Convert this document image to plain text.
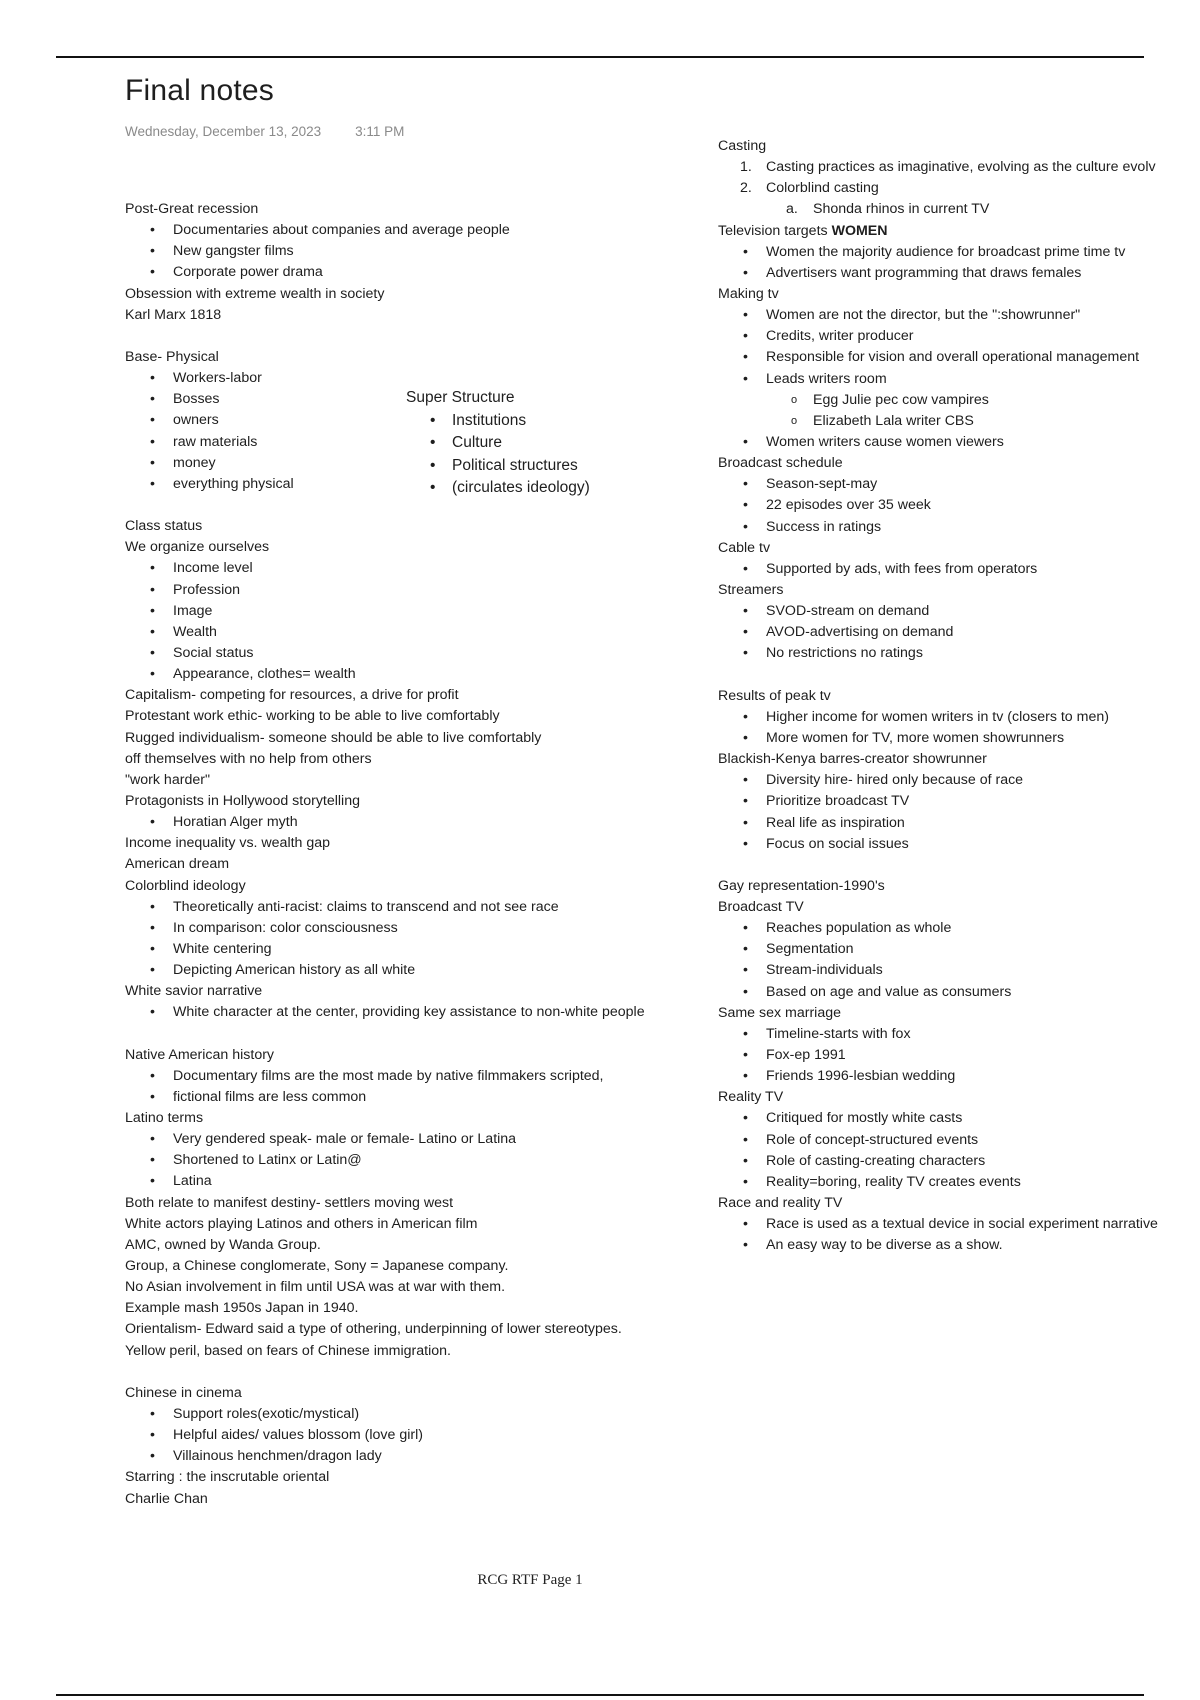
Final notes
Wednesday, December 13, 2023	3:11 PM
Post-Great recession
• Documentaries about companies and average people
• New gangster films
• Corporate power drama
Obsession with extreme wealth in society
Karl Marx 1818
Base- Physical
• Workers-labor
• Bosses
• owners
• raw materials
• money
• everything physical
Class status
We organize ourselves
• Income level
• Profession
• Image
• Wealth
• Social status
• Appearance, clothes= wealth
Capitalism- competing for resources, a drive for profit
Protestant work ethic- working to be able to live comfortably
Rugged individualism- someone should be able to live comfortably
off themselves with no help from others
"work harder"
Protagonists in Hollywood storytelling
• Horatian Alger myth
Income inequality vs. wealth gap
American dream
Colorblind ideology
• Theoretically anti-racist: claims to transcend and not see race
• In comparison: color consciousness
• White centering
• Depicting American history as all white
White savior narrative
• White character at the center, providing key assistance to non-white people
Native American history
• Documentary films are the most made by native filmmakers scripted,
• fictional films are less common
Latino terms
• Very gendered speak- male or female- Latino or Latina
• Shortened to Latinx or Latin@
• Latina
Both relate to manifest destiny- settlers moving west
White actors playing Latinos and others in American film
AMC, owned by Wanda Group.
Group, a Chinese conglomerate, Sony = Japanese company.
No Asian involvement in film until USA was at war with them.
Example mash 1950s Japan in 1940.
Orientalism- Edward said a type of othering, underpinning of lower stereotypes.
Yellow peril, based on fears of Chinese immigration.
Chinese in cinema
• Support roles(exotic/mystical)
• Helpful aides/ values blossom (love girl)
• Villainous henchmen/dragon lady
Starring : the inscrutable oriental
Charlie Chan
Super Structure
• Institutions
• Culture
• Political structures
• (circulates ideology)
Casting
1. Casting practices as imaginative, evolving as the culture evolv
2. Colorblind casting
a. Shonda rhinos in current TV
Television targets WOMEN
• Women the majority audience for broadcast prime time tv
• Advertisers want programming that draws females
Making tv
• Women are not the director, but the ":showrunner"
• Credits, writer producer
• Responsible for vision and overall operational management
• Leads writers room
o Egg Julie pec cow vampires
o Elizabeth Lala writer CBS
• Women writers cause women viewers
Broadcast schedule
• Season-sept-may
• 22 episodes over 35 week
• Success in ratings
Cable tv
• Supported by ads, with fees from operators
Streamers
• SVOD-stream on demand
• AVOD-advertising on demand
• No restrictions no ratings
Results of peak tv
• Higher income for women writers in tv (closers to men)
• More women for TV, more women showrunners
Blackish-Kenya barres-creator showrunner
• Diversity hire- hired only because of race
• Prioritize broadcast TV
• Real life as inspiration
• Focus on social issues
Gay representation-1990's
Broadcast TV
• Reaches population as whole
• Segmentation
• Stream-individuals
• Based on age and value as consumers
Same sex marriage
• Timeline-starts with fox
• Fox-ep 1991
• Friends 1996-lesbian wedding
Reality TV
• Critiqued for mostly white casts
• Role of concept-structured events
• Role of casting-creating characters
• Reality=boring, reality TV creates events
Race and reality TV
• Race is used as a textual device in social experiment narrative
• An easy way to be diverse as a show.
RCG RTF Page 1
